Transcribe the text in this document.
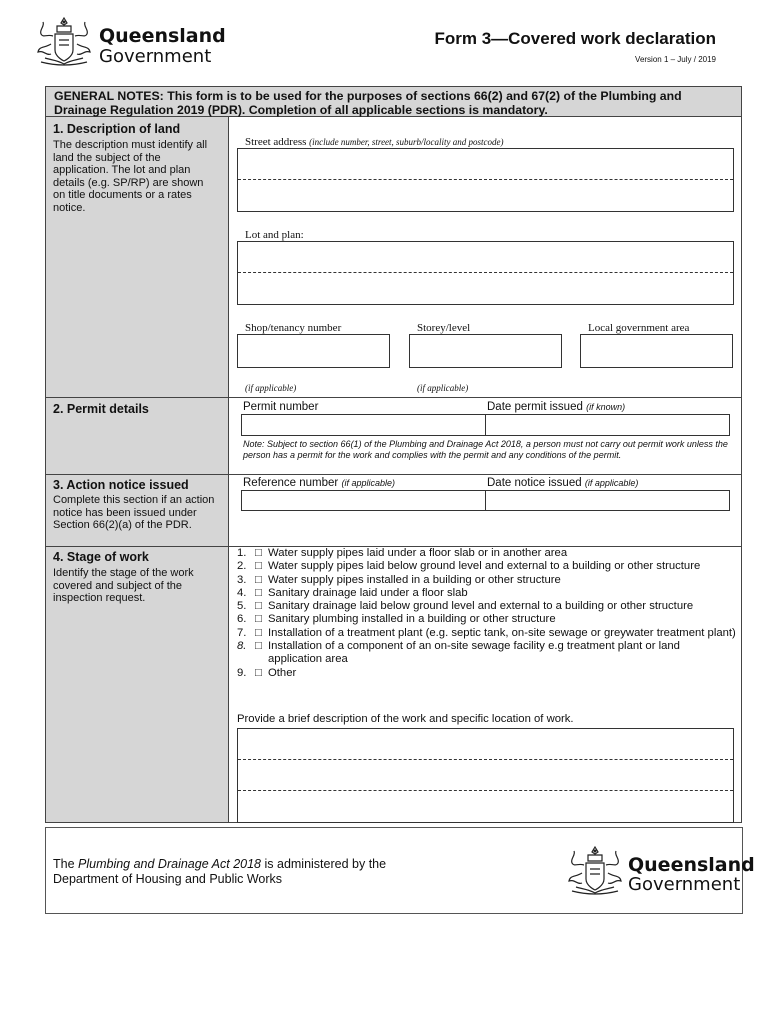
Queensland
Government
Form 3—Covered work declaration
Version 1 – July / 2019
GENERAL NOTES: This form is to be used for the purposes of sections 66(2) and 67(2) of the Plumbing and Drainage Regulation 2019 (PDR). Completion of all applicable sections is mandatory.
1. Description of land
The description must identify all land the subject of the application. The lot and plan details (e.g. SP/RP) are shown on title documents or a rates notice.
Street address (include number, street, suburb/locality and postcode)
Lot and plan:
Shop/tenancy number	Storey/level	Local government area
(if applicable)	(if applicable)
2. Permit details	Permit number	Date permit issued (if known)
Note: Subject to section 66(1) of the Plumbing and Drainage Act 2018, a person must not carry out permit work unless the person has a permit for the work and complies with the permit and any conditions of the permit.
3. Action notice issued
Complete this section if an action notice has been issued under Section 66(2)(a) of the PDR.
Reference number (if applicable)	Date notice issued (if applicable)
4. Stage of work
Identify the stage of the work covered and subject of the inspection request.
1. □ Water supply pipes laid under a floor slab or in another area
2. □ Water supply pipes laid below ground level and external to a building or other structure
3. □ Water supply pipes installed in a building or other structure
4. □ Sanitary drainage laid under a floor slab
5. □ Sanitary drainage laid below ground level and external to a building or other structure
6. □ Sanitary plumbing installed in a building or other structure
7. □ Installation of a treatment plant (e.g. septic tank, on-site sewage or greywater treatment plant)
8. □ Installation of a component of an on-site sewage facility e.g treatment plant or land application area
9. □ Other
Provide a brief description of the work and specific location of work.
The Plumbing and Drainage Act 2018 is administered by the
Department of Housing and Public Works
Queensland
Government
